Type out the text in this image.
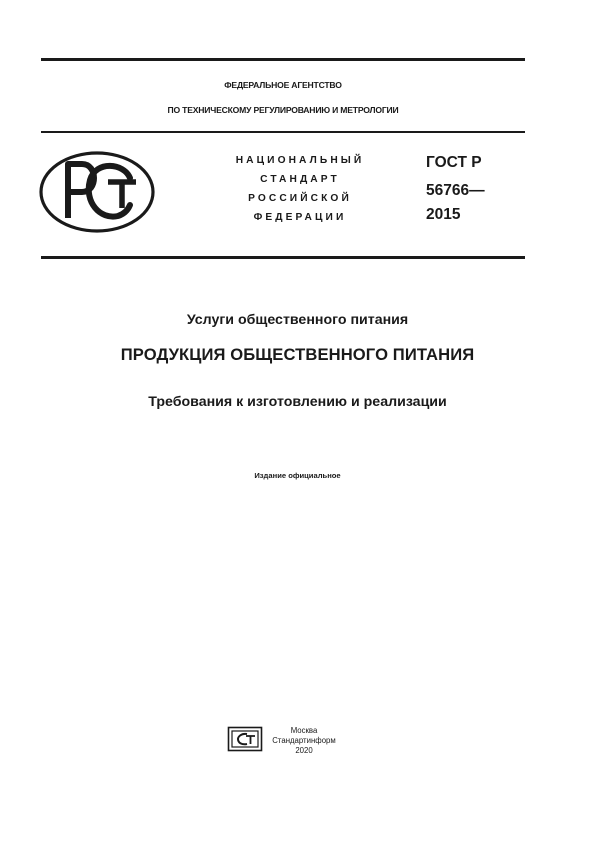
ФЕДЕРАЛЬНОЕ АГЕНТСТВО
ПО ТЕХНИЧЕСКОМУ РЕГУЛИРОВАНИЮ И МЕТРОЛОГИИ
НАЦИОНАЛЬНЫЙ
СТАНДАРТ
РОССИЙСКОЙ
ФЕДЕРАЦИИ
ГОСТ Р
56766—
2015
Услуги общественного питания
ПРОДУКЦИЯ ОБЩЕСТВЕННОГО ПИТАНИЯ
Требования к изготовлению и реализации
Издание официальное
Москва
Стандартинформ
2020
